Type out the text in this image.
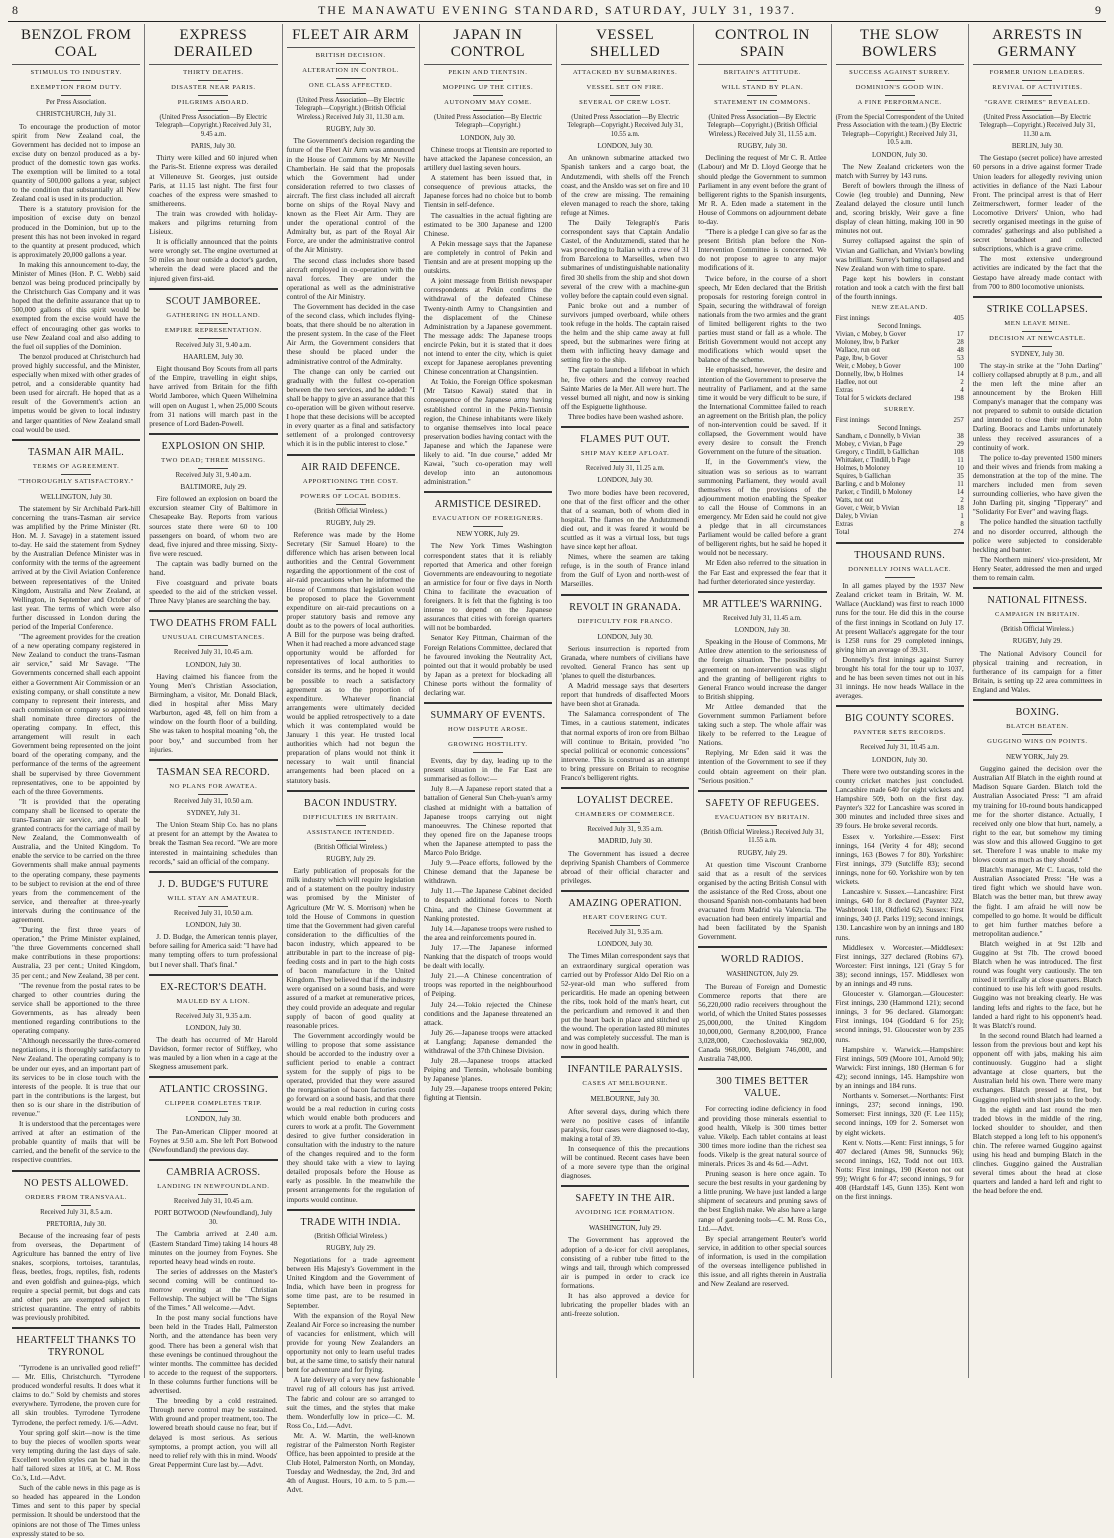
8	THE MANAWATU EVENING STANDARD, SATURDAY, JULY 31, 1937.	9
BENZOL FROM COAL
STIMULUS TO INDUSTRY.
EXEMPTION FROM DUTY.
Per Press Association.
CHRISTCHURCH, July 31.

To encourage the production of motor spirit from New Zealand coal, the Government has decided not to impose an excise duty on benzol produced as a by-product of the domestic town gas works. The exemption will be limited to a total quantity of 500,000 gallons a year, subject to the condition that substantially all New Zealand coal is used in its production.

There is a statutory provision for the imposition of excise duty on benzol produced in the Dominion, but up to the present this has not been invoked in regard to the quantity at present produced, which is approximately 20,000 gallons a year.

In making this announcement to-day, the Minister of Mines (Hon. P. C. Webb) said benzol was being produced principally by the Christchurch Gas Company and it was hoped that the definite assurance that up to 500,000 gallons of this spirit would be exempted from the excise would have the effect of encouraging other gas works to use New Zealand coal and also adding to the fuel oil supplies of the Dominion.

The benzol produced at Christchurch had proved highly successful, and the Minister, especially when mixed with other grades of petrol, and a considerable quantity had been used for aircraft. He hoped that as a result of the Government's action an impetus would be given to local industry and larger quantities of New Zealand small coal would be used.

TASMAN AIR MAIL.
TERMS OF AGREEMENT.
"THOROUGHLY SATISFACTORY."
WELLINGTON, July 30.

The statement by Sir Archibald Park-hill concerning the trans-Tasman air service was amplified by the Prime Minister (Rt. Hon. M. J. Savage) in a statement issued to-day. He said the statement from Sydney by the Australian Defence Minister was in conformity with the terms of the agreement arrived at by the Civil Aviation Conference between representatives of the United Kingdom, Australia and New Zealand, at Wellington, in September and October of last year. The terms of which were also further discussed in London during the period of the Imperial Conference.

"The agreement provides for the creation of a new operating company registered in New Zealand to conduct the trans-Tasman air service," said Mr Savage. "The Governments concerned shall each appoint either a Government Air Commission or an existing company, or shall constitute a new company to represent their interests, and each commission or company so appointed shall nominate three directors of the operating company. In effect, this arrangement will result in each Government being represented on the joint board of the operating company, and the performance of the terms of the agreement shall be supervised by three Government representatives, one to be appointed by each of the three Governments.

"It is provided that the operating company shall be licensed to operate the trans-Tasman air service, and shall be granted contracts for the carriage of mail by New Zealand, the Commonwealth of Australia, and the United Kingdom. To enable the service to be carried on the three Governments shall make annual payments to the operating company, these payments to be subject to revision at the end of three years from the commencement of the service, and thereafter at three-yearly intervals during the continuance of the agreement.

"During the first three years of operation," the Prime Minister explained, "the three Governments concerned shall make contributions in these proportions: Australia, 23 per cent.; United Kingdom, 35 per cent.; and New Zealand, 38 per cent.

"The revenue from the postal rates to be charged to other countries during the service shall be apportioned to the three Governments, as has already been mentioned regarding contributions to the operating company.

"Although necessarily the three-cornered negotiations, it is thoroughly satisfactory to New Zealand. The operating company is to be under our eyes, and an important part of its services to be in close touch with the interests of the people. It is true that our part in the contributions is the largest, but then so is our share in the distribution of revenue."

It is understood that the percentages were arrived at after an estimation of the probable quantity of mails that will be carried, and the benefit of the service to the respective countries.

NO PESTS ALLOWED.
ORDERS FROM TRANSVAAL.
Received July 31, 8.5 a.m.
PRETORIA, July 30.

Because of the increasing fear of pests from overseas, the Department of Agriculture has banned the entry of live snakes, scorpions, tortoises, tarantulas, fleas, beetles, frogs, reptiles, fish, rodents and even goldfish and guinea-pigs, which require a special permit, but dogs and cats and other pets are exempted subject to strictest quarantine. The entry of rabbits was previously prohibited.

HEARTFELT THANKS TO TRYRONOL

"Tyrrodene is an unrivalled good relief!" — Mr. Ellis, Christchurch. "Tyrrodene produced wonderful results. It does what it claims to do." Sold by chemists and stores everywhere. Tyrrodene, the proven cure for all skin troubles. Tyrrodene Tyrrodene Tyrrodene, the perfect remedy. 1/6.—Advt.

Your spring golf skirt—now is the time to buy the pieces of woollen sports wear very tempting during the last days of sale. Excellent woollen styles can be had in the half tailored sizes at 10/6, at C. M. Ross Co.'s, Ltd.—Advt.

Such of the cable news in this page as is so headed has appeared in the London Times and sent to this paper by special permission. It should be understood that the opinions are not those of The Times unless expressly stated to be so.

EXPRESS DERAILED
THIRTY DEATHS.
DISASTER NEAR PARIS.
PILGRIMS ABOARD.
(United Press Association—By Electric Telegraph—Copyright.) Received July 31, 9.45 a.m.
PARIS, July 30.

Thirty were killed and 60 injured when the Paris-St. Etienne express was derailed at Villeneuve St. Georges, just outside Paris, at 11.15 last night. The first four coaches of the express were smashed to smithereens.

The train was crowded with holiday-makers and pilgrims returning from Lisieux.

It is officially announced that the points were wrongly set. The engine overturned at 50 miles an hour outside a doctor's garden, wherein the dead were placed and the injured given first-aid.

SCOUT JAMBOREE.
GATHERING IN HOLLAND.
EMPIRE REPRESENTATION.
Received July 31, 9.40 a.m.
HAARLEM, July 30.

Eight thousand Boy Scouts from all parts of the Empire, travelling in eight ships, have arrived from Britain for the fifth World Jamboree, which Queen Wilhelmina will open on August 1, when 25,000 Scouts from 31 nations will march past in the presence of Lord Baden-Powell.

EXPLOSION ON SHIP.
TWO DEAD; THREE MISSING.
Received July 31, 9.40 a.m.
BALTIMORE, July 29.

Fire followed an explosion on board the excursion steamer City of Baltimore in Chesapeake Bay. Reports from various sources state there were 60 to 100 passengers on board, of whom two are dead, five injured and three missing. Sixty-five were rescued.

The captain was badly burned on the hand.

Five coastguard and private boats speeded to the aid of the stricken vessel. Three Navy 'planes are searching the bay.

TWO DEATHS FROM FALL
UNUSUAL CIRCUMSTANCES.
Received July 31, 10.45 a.m.
LONDON, July 30.

Having claimed his fiancee from the Young Men's Christian Association, Birmingham, a visitor, Mr. Donald Black, died in hospital after Miss Mary Warburton, aged 48, fell on him from a window on the fourth floor of a building. She was taken to hospital moaning "oh, the poor boy," and succumbed from her injuries.

TASMAN SEA RECORD.
NO PLANS FOR AWATEA.
Received July 31, 10.50 a.m.
SYDNEY, July 31.

The Union Steam Ship Co. has no plans at present for an attempt by the Awatea to break the Tasman Sea record. "We are more interested in maintaining schedules than records," said an official of the company.

J. D. BUDGE'S FUTURE
WILL STAY AN AMATEUR.
Received July 31, 10.50 a.m.
LONDON, July 30.

J. D. Budge, the American tennis player, before sailing for America said: "I have had many tempting offers to turn professional but I never shall. That's final."

EX-RECTOR'S DEATH.
MAULED BY A LION.
Received July 31, 9.35 a.m.
LONDON, July 30.

The death has occurred of Mr Harold Davidson, former rector of Stiffkey, who was mauled by a lion when in a cage at the Skegness amusement park.

ATLANTIC CROSSING.
CLIPPER COMPLETES TRIP.
LONDON, July 30.

The Pan-American Clipper moored at Foynes at 9.50 a.m. She left Port Botwood (Newfoundland) the previous day.

CAMBRIA ACROSS.
LANDING IN NEWFOUNDLAND.
Received July 31, 10.45 a.m.
PORT BOTWOOD (Newfoundland), July 30.

The Cambria arrived at 2.40 a.m. (Eastern Standard Time) taking 14 hours 48 minutes on the journey from Foynes. She reported heavy head winds en route.

The series of addresses on the Master's second coming will be continued to-morrow evening at the Christian Fellowship. The subject will be "The Signs of the Times." All welcome.—Advt.

In the post many social functions have been held in the Trades Hall, Palmerston North, and the attendance has been very good. There has been a general wish that these evenings be continued throughout the winter months. The committee has decided to accede to the request of the supporters. In these columns further functions will be advertised.

The breeding by a cold restrained. Through nerve control may be sustained. With ground and proper treatment, too. The lowered breath should cause no fear, but if delayed is most serious. As serious symptoms, a prompt action, you will all need to relief rely with this in mind. Woods' Great Peppermint Cure last by.—Advt.

FLEET AIR ARM
BRITISH DECISION.
ALTERATION IN CONTROL.
ONE CLASS AFFECTED.
(United Press Association—By Electric Telegraph—Copyright.) (British Official Wireless.) Received July 31, 11.30 a.m.
RUGBY, July 30.

The Government's decision regarding the future of the Fleet Air Arm was announced in the House of Commons by Mr Neville Chamberlain. He said that the proposals which the Government had under consideration referred to two classes of aircraft. The first class included all aircraft borne on ships of the Royal Navy and known as the Fleet Air Arm. They are under the operational control of the Admiralty but, as part of the Royal Air Force, are under the administrative control of the Air Ministry.

The second class includes shore based aircraft employed in co-operation with the naval forces. They are under the operational as well as the administrative control of the Air Ministry.

The Government has decided in the case of the second class, which includes flying-boats, that there should be no alteration in the present system. In the case of the Fleet Air Arm, the Government considers that these should be placed under the administrative control of the Admiralty.

The change can only be carried out gradually with the fullest co-operation between the two services, and he added: "I shall be happy to give an assurance that this co-operation will be given without reserve. I hope that these decisions will be accepted in every quarter as a final and satisfactory settlement of a prolonged controversy which it is in the public interest to close."

AIR RAID DEFENCE.
APPORTIONING THE COST.
POWERS OF LOCAL BODIES.
(British Official Wireless.)
RUGBY, July 29.

Reference was made by the Home Secretary (Sir Samuel Hoare) to the difference which has arisen between local authorities and the Central Government regarding the apportionment of the cost of air-raid precautions when he informed the House of Commons that legislation would be proposed to place the Government expenditure on air-raid precautions on a proper statutory basis and remove any doubt as to the powers of local authorities. A Bill for the purpose was being drafted. When it had reached a more advanced stage opportunity would be afforded for representatives of local authorities to consider its terms, and he hoped it would be possible to reach a satisfactory agreement as to the proportion of expenditure. Whatever financial arrangements were ultimately decided would be applied retrospectively to a date which it was contemplated would be January 1 this year. He trusted local authorities which had not begun the preparation of plans would not think it necessary to wait until financial arrangements had been placed on a statutory basis.

BACON INDUSTRY.
DIFFICULTIES IN BRITAIN.
ASSISTANCE INTENDED.
(British Official Wireless.)
RUGBY, July 29.

Early publication of proposals for the milk industry which will require legislation and of a statement on the poultry industry was promised by the Minister of Agriculture (Mr W. S. Morrison) when he told the House of Commons in question time that the Government had given careful consideration to the difficulties of the bacon industry, which appeared to be attributable in part to the increase of pig-feeding costs and in part to the high costs of bacon manufacture in the United Kingdom. They believed that if the industry were organised on a sound basis, and were assured of a market at remunerative prices, they could provide an adequate and regular supply of bacon of good quality at reasonable prices.

The Government accordingly would be willing to propose that some assistance should be accorded to the industry over a sufficient period to enable a contract system for the supply of pigs to be operated, provided that they were assured the reorganisation of bacon factories could go forward on a sound basis, and that there would be a real reduction in curing costs which would enable both producers and curers to work at a profit. The Government desired to give further consideration in consultation with the industry to the nature of the changes required and to the form they should take with a view to laying detailed proposals before the House as early as possible. In the meanwhile the present arrangements for the regulation of imports would continue.

TRADE WITH INDIA.
(British Official Wireless.)
RUGBY, July 29.

Negotiations for a trade agreement between His Majesty's Government in the United Kingdom and the Government of India, which have been in progress for some time past, are to be resumed in September.

With the expansion of the Royal New Zealand Air Force so increasing the number of vacancies for enlistment, which will provide for young New Zealanders an opportunity not only to learn useful trades but, at the same time, to satisfy their natural bent for adventure and for flying.

A late delivery of a very new fashionable travel rug of all colours has just arrived. The fabric and colour are so arranged to suit the times, and the styles that make them. Wonderfully low in price—C. M. Ross Co., Ltd.—Advt.

Mr. A. W. Martin, the well-known registrar of the Palmerston North Register Office, has been appointed to preside at the Club Hotel, Palmerston North, on Monday, Tuesday and Wednesday, the 2nd, 3rd and 4th of August. Hours, 10 a.m. to 5 p.m.—Advt.

JAPAN IN CONTROL
PEKIN AND TIENTSIN.
MOPPING UP THE CITIES.
AUTONOMY MAY COME.
(United Press Association—By Electric Telegraph—Copyright.)
LONDON, July 30.

Chinese troops at Tientsin are reported to have attacked the Japanese concession, an artillery duel lasting seven hours.

A statement has been issued that, in consequence of previous attacks, the Japanese forces had no choice but to bomb Tientsin in self-defence.

The casualties in the actual fighting are estimated to be 300 Japanese and 1200 Chinese.

A Pekin message says that the Japanese are completely in control of Pekin and Tientsin and are at present mopping up the outskirts.

A joint message from British newspaper correspondents at Pekin confirms the withdrawal of the defeated Chinese Twenty-ninth Army to Changsintien and the displacement of the Chinese Administration by a Japanese government. The message adds: The Japanese troops encircle Pekin, but it is stated that it does not intend to enter the city, which is quiet except for Japanese aeroplanes preventing Chinese concentration at Changsintien.

At Tokio, the Foreign Office spokesman (Mr Tatsuo Kawai) stated that in consequence of the Japanese army having established control in the Pekin-Tientsin region, the Chinese inhabitants were likely to organise themselves into local peace preservation bodies having contact with the Japanese and which the Japanese were likely to aid. "In due course," added Mr Kawai, "such co-operation may well develop into an autonomous administration."

ARMISTICE DESIRED.
EVACUATION OF FOREIGNERS.
NEW YORK, July 29.

The New York Times Washington correspondent states that it is reliably reported that America and other foreign Governments are endeavouring to negotiate an armistice for four or five days in North China to facilitate the evacuation of foreigners. It is felt that the fighting is too intense to depend on the Japanese assurances that cities with foreign quarters will not be bombarded.

Senator Key Pittman, Chairman of the Foreign Relations Committee, declared that he favoured invoking the Neutrality Act, pointed out that it would probably be used by Japan as a pretext for blockading all Chinese ports without the formality of declaring war.

SUMMARY OF EVENTS.
HOW DISPUTE AROSE.
GROWING HOSTILITY.

Events, day by day, leading up to the present situation in the Far East are summarised as follow:—

July 8.—A Japanese report stated that a battalion of General Sun Cheh-yuan's army clashed at midnight with a battalion of Japanese troops carrying out night manoeuvres. The Chinese reported that they opened fire on the Japanese troops when the Japanese attempted to pass the Marco Polo Bridge.

July 9.—Peace efforts, followed by the Chinese demand that the Japanese be withdrawn.

July 11.—The Japanese Cabinet decided to despatch additional forces to North China, and the Chinese Government at Nanking protested.

July 14.—Japanese troops were rushed to the area and reinforcements poured in.

July 17.—The Japanese informed Nanking that the dispatch of troops would be dealt with locally.

July 21.—A Chinese concentration of troops was reported in the neighbourhood of Peiping.

July 24.—Tokio rejected the Chinese conditions and the Japanese threatened an attack.

July 26.—Japanese troops were attacked at Langfang; Japanese demanded the withdrawal of the 37th Chinese Division.

July 28.—Japanese troops attacked Peiping and Tientsin, wholesale bombing by Japanese 'planes.

July 29.—Japanese troops entered Pekin; fighting at Tientsin.

VESSEL SHELLED
ATTACKED BY SUBMARINES.
VESSEL SET ON FIRE.
SEVERAL OF CREW LOST.
(United Press Association—By Electric Telegraph—Copyright.) Received July 31, 10.55 a.m.
LONDON, July 30.

An unknown submarine attacked two Spanish tankers and a cargo boat, the Andutzmendi, with shells off the French coast, and the Ansldo was set on fire and 10 of the crew are missing. The remaining eleven managed to reach the shore, taking refuge at Nimes.

The Daily Telegraph's Paris correspondent says that Captain Andalio Castel, of the Andutzmendi, stated that he was proceeding to Italian with a crew of 31 from Barcelona to Marseilles, when two submarines of undistinguishable nationality fired 30 shells from the ship and shot down several of the crew with a machine-gun volley before the captain could even signal.

Panic broke out and a number of survivors jumped overboard, while others took refuge in the holds. The captain raised the helm and the ship came away at full speed, but the submarines were firing at them with inflicting heavy damage and setting fire to the ship.

The captain launched a lifeboat in which he, five others and the convoy reached Sainte Maries de la Mer. All were hurt. The vessel burned all night, and now is sinking off the Espiguette lighthouse.

Three bodies have been washed ashore.

FLAMES PUT OUT.
SHIP MAY KEEP AFLOAT.
Received July 31, 11.25 a.m.
LONDON, July 30.

Two more bodies have been recovered, one that of the first officer and the other that of a seaman, both of whom died in hospital. The flames on the Andutzmendi died out, and it was feared it would be scuttled as it was a virtual loss, but tugs have since kept her afloat.

Nimes, where the seamen are taking refuge, is in the south of France inland from the Gulf of Lyon and north-west of Marseilles.

REVOLT IN GRANADA.
DIFFICULTY FOR FRANCO.
LONDON, July 30.

Serious insurrection is reported from Granada, where numbers of civilians have revolted. General Franco has sent up 'planes to quell the disturbances.

A Madrid message says that deserters report that hundreds of disaffected Moors have been shot at Granada.

The Salamanca correspondent of The Times, in a cautious statement, indicates that normal exports of iron ore from Bilbao will continue to Britain, provided "no special political or economic concessions" intervene. This is construed as an attempt to bring pressure on Britain to recognise Franco's belligerent rights.

LOYALIST DECREE.
CHAMBERS OF COMMERCE.
Received July 31, 9.35 a.m.
MADRID, July 30.

The Government has issued a decree depriving Spanish Chambers of Commerce abroad of their official character and privileges.

AMAZING OPERATION.
HEART COVERING CUT.
Received July 31, 9.35 a.m.
LONDON, July 30.

The Times Milan correspondent says that an extraordinary surgical operation was carried out by Professor Aldo Del Rio on a 52-year-old man who suffered from pericarditis. He made an opening between the ribs, took hold of the man's heart, cut the pericardium and removed it and then put the heart back in place and stitched up the wound. The operation lasted 80 minutes and was completely successful. The man is now in good health.

INFANTILE PARALYSIS.
CASES AT MELBOURNE.
MELBOURNE, July 30.

After several days, during which there were no positive cases of infantile paralysis, four cases were diagnosed to-day, making a total of 39.

In consequence of this the precautions will be continued. Recent cases have been of a more severe type than the original diagnoses.

SAFETY IN THE AIR.
AVOIDING ICE FORMATION.
WASHINGTON, July 29.

The Government has approved the adoption of a de-icer for civil aeroplanes, consisting of a rubber tube fitted to the wings and tail, through which compressed air is pumped in order to crack ice formations.

It has also approved a device for lubricating the propeller blades with an anti-freeze solution.

CONTROL IN SPAIN
BRITAIN'S ATTITUDE.
WILL STAND BY PLAN.
STATEMENT IN COMMONS.
(United Press Association—By Electric Telegraph—Copyright.) (British Official Wireless.) Received July 31, 11.55 a.m.
RUGBY, July 30.

Declining the request of Mr C. R. Attlee (Labour) and Mr D. Lloyd George that he should pledge the Government to summon Parliament in any event before the grant of belligerent rights to the Spanish insurgents, Mr R. A. Eden made a statement in the House of Commons on adjournment debate to-day.

"There is a pledge I can give so far as the present British plan before the Non-Intervention Committee is concerned. We do not propose to agree to any major modifications of it.

Twice before, in the course of a short speech, Mr Eden declared that the British proposals for restoring foreign control in Spain, securing the withdrawal of foreign nationals from the two armies and the grant of limited belligerent rights to the two parties must stand or fall as a whole. The British Government would not accept any modifications which would upset the balance of the scheme.

He emphasised, however, the desire and intention of the Government to preserve the neutrality of Parliament, and at the same time it would be very difficult to be sure, if the International Committee failed to reach an agreement on the British plan, the policy of non-intervention could be saved. If it collapsed, the Government would have every desire to consult the French Government on the future of the situation.

If, in the Government's view, the situation was so serious as to warrant summoning Parliament, they would avail themselves of the provisions of the adjournment motion enabling the Speaker to call the House of Commons in an emergency. Mr Eden said he could not give a pledge that in all circumstances Parliament would be called before a grant of belligerent rights, but he said he hoped it would not be necessary.

Mr Eden also referred to the situation in the Far East and expressed the fear that it had further deteriorated since yesterday.

MR ATTLEE'S WARNING.
Received July 31, 11.45 a.m.
LONDON, July 30.

Speaking in the House of Commons, Mr Attlee drew attention to the seriousness of the foreign situation. The possibility of agreement on non-intervention was slight and the granting of belligerent rights to General Franco would increase the danger to British shipping.

Mr Attlee demanded that the Government summon Parliament before taking such a step. The whole affair was likely to be referred to the League of Nations.

Replying, Mr Eden said it was the intention of the Government to see if they could obtain agreement on their plan. "Serious position."

SAFETY OF REFUGEES.
EVACUATION BY BRITAIN.
(British Official Wireless.) Received July 31, 11.55 a.m.
RUGBY, July 29.

At question time Viscount Cranborne said that as a result of the services organised by the acting British Consul with the assistance of the Red Cross, about one thousand Spanish non-combatants had been evacuated from Madrid via Valencia. The evacuation had been entirely impartial and had been facilitated by the Spanish Government.

WORLD RADIOS.
WASHINGTON, July 29.

The Bureau of Foreign and Domestic Commerce reports that there are 56,220,000 radio receivers throughout the world, of which the United States possesses 25,000,000, the United Kingdom 10,000,000, Germany 8,200,000, France 3,028,000, Czechoslovakia 982,000, Canada 968,000, Belgium 746,000, and Australia 748,000.

300 TIMES BETTER VALUE.

For correcting iodine deficiency in food and providing those minerals essential to good health, Vikelp is 300 times better value. Vikelp. Each tablet contains at least 300 times more iodine than the richest sea foods. Vikelp is the great natural source of minerals. Prices 3s and 4s 6d.—Advt.

Pruning season is here once again. To secure the best results in your gardening by a little pruning. We have just landed a large shipment of secateurs and pruning saws of the best English make. We also have a large range of gardening tools—C. M. Ross Co., Ltd.—Advt.

By special arrangement Reuter's world service, in addition to other special sources of information, is used in the compilation of the overseas intelligence published in this issue, and all rights therein in Australia and New Zealand are reserved.

THE SLOW BOWLERS
SUCCESS AGAINST SURREY.
DOMINION'S GOOD WIN.
A FINE PERFORMANCE.
(From the Special Correspondent of the United Press Association with the team.) (By Electric Telegraph—Copyright.) Received July 31, 10.5 a.m.
LONDON, July 30.

The New Zealand cricketers won the match with Surrey by 143 runs.

Bereft of bowlers through the illness of Cowie (leg trouble) and Dunning, New Zealand delayed the closure until lunch and, scoring briskly, Weir gave a fine display of clean hitting, making 100 in 90 minutes not out.

Surrey collapsed against the spin of Vivian and Gallichan, and Vivian's bowling was brilliant. Surrey's batting collapsed and New Zealand won with time to spare.

Page kept his bowlers in constant rotation and took a catch with the first ball of the fourth innings.

NEW ZEALAND.
First innings	405
Second Innings.	
Vivian, c Mobey, b Gover	17
Moloney, lbw, b Parker	28
Wallace, run out	48
Page, lbw, b Gover	53
Weir, c Mobey, b Gover	100
Donnelly, lbw, b Holmes	14
Hadlee, not out	2
Extras	4
Total for 5 wickets declared	198
SURREY.
First innings	257
Second Innings.	
Sandham, c Donnelly, b Vivian	38
Mobey, c Vivian, b Page	29
Gregory, c Tindill, b Gallichan	108
Whittaker, c Tindill, b Page	11
Holmes, b Moloney	10
Squires, b Gallichan	35
Barling, c and b Moloney	11
Parker, c Tindill, b Moloney	14
Watts, not out	2
Gover, c Weir, b Vivian	18
Daley, b Vivian	1
Extras	8
Total	274
THOUSAND RUNS.
DONNELLY JOINS WALLACE.

In all games played by the 1937 New Zealand cricket team in Britain, W. M. Wallace (Auckland) was first to reach 1000 runs for the tour. He did this in the course of the first innings in Scotland on July 17. At present Wallace's aggregate for the tour is 1258 runs for 29 completed innings, giving him an average of 39.31.

Donnelly's first innings against Surrey brought his total for the tour up to 1037, and he has been seven times not out in his 31 innings. He now heads Wallace in the averages.

BIG COUNTY SCORES.
PAYNTER SETS RECORDS.
Received July 31, 10.45 a.m.
LONDON, July 30.

There were two outstanding scores in the county cricket matches just concluded. Lancashire made 640 for eight wickets and Hampshire 509, both on the first day. Paynter's 322 for Lancashire was scored in 300 minutes and included three sixes and 39 fours. He broke several records.

Essex v. Yorkshire.—Essex: First innings, 164 (Verity 4 for 48); second innings, 163 (Bowes 7 for 80). Yorkshire: First innings, 379 (Sutcliffe 83); second innings, none for 60. Yorkshire won by ten wickets.

Lancashire v. Sussex.—Lancashire: First innings, 640 for 8 declared (Paynter 322, Washbrook 118, Oldfield 62). Sussex: First innings, 340 (J. Parks 119); second innings, 130. Lancashire won by an innings and 180 runs.

Middlesex v. Worcester.—Middlesex: First innings, 327 declared (Robins 67). Worcester: First innings, 121 (Gray 5 for 38); second innings, 157. Middlesex won by an innings and 49 runs.

Gloucester v. Glamorgan.—Gloucester: First innings, 230 (Hammond 121); second innings, 3 for 96 declared. Glamorgan: First innings, 104 (Goddard 6 for 25); second innings, 91. Gloucester won by 235 runs.

Hampshire v. Warwick.—Hampshire: First innings, 509 (Moore 101, Arnold 90); Warwick: First innings, 180 (Herman 6 for 42); second innings, 145. Hampshire won by an innings and 184 runs.

Northants v. Somerset.—Northants: First innings, 237; second innings, 190. Somerset: First innings, 320 (F. Lee 115); second innings, 109 for 2. Somerset won by eight wickets.

Kent v. Notts.—Kent: First innings, 5 for 407 declared (Ames 98, Sunnucks 96); second innings, 162, Todd not out 103. Notts: First innings, 190 (Keeton not out 99); Wright 6 for 47; second innings, 9 for 408 (Hardstaff 145, Gunn 135). Kent won on the first innings.

ARRESTS IN GERMANY
FORMER UNION LEADERS.
REVIVAL OF ACTIVITIES.
"GRAVE CRIMES" REVEALED.
(United Press Association—By Electric Telegraph—Copyright.) Received July 31, 11.30 a.m.
BERLIN, July 30.

The Gestapo (secret police) have arrested 60 persons in a drive against former Trade Union leaders for allegedly reviving union activities in defiance of the Nazi Labour Front. The principal arrest is that of Herr Zeitmerschwert, former leader of the Locomotive Drivers' Union, who had secretly organised meetings in the guise of comrades' gatherings and also published a secret broadsheet and collected subscriptions, which is a grave crime.

The most extensive underground activities are indicated by the fact that the Gestapo have already made contact with from 700 to 800 locomotive unionists.

STRIKE COLLAPSES.
MEN LEAVE MINE.
DECISION AT NEWCASTLE.
SYDNEY, July 30.

The stay-in strike at the "John Darling" colliery collapsed abruptly at 8 p.m., and all the men left the mine after an announcement by the Broken Hill Company's manager that the company was not prepared to submit to outside dictation and intended to close their mine at John Darling. Booracs and Lambs unfortunately unless they received assurances of a continuity of work.

The police to-day prevented 1500 miners and their wives and friends from making a demonstration at the top of the mine. The marchers included men from seven surrounding collieries, who have given the John Darling pit, singing "Tipperary" and "Solidarity For Ever" and waving flags.

The police handled the situation tactfully and no disorder occurred, although the police were subjected to considerable heckling and banter.

The Northern miners' vice-president, Mr Henry Seater, addressed the men and urged them to remain calm.

NATIONAL FITNESS.
CAMPAIGN IN BRITAIN.
(British Official Wireless.)
RUGBY, July 29.

The National Advisory Council for physical training and recreation, in furtherance of its campaign for a fitter Britain, is setting up 22 area committees in England and Wales.

BOXING.
BLATCH BEATEN.
GUGGINO WINS ON POINTS.
NEW YORK, July 29.

Guggino gained the decision over the Australian Alf Blatch in the eighth round at Madison Square Garden. Blatch told the Australian Associated Press: "I am afraid my training for 10-round bouts handicapped me for the shorter distance. Actually, I received only one blow that hurt, namely, a right to the ear, but somehow my timing was slow and this allowed Guggino to get set. Therefore I was unable to make my blows count as much as they should."

Blatch's manager, Mr C. Lucas, told the Australian Associated Press: "He was a tired fight which we should have won. Blatch was the better man, but threw away the fight. I am afraid he will now be compelled to go home. It would be difficult to get him further matches before a metropolitan audience."

Blatch weighed in at 9st 12lb and Guggino at 9st 7lb. The crowd booed Blatch when he was introduced. The first round was fought very cautiously. The ten mixed it terrifically at close quarters. Blatch continued to use his left with good results. Guggino was not breaking clearly. He was landing lefts and rights to the face, but he landed a hard right to his opponent's head. It was Blatch's round.

In the second round Blatch had learned a lesson from the previous bout and kept his opponent off with jabs, making his aim continuously. Guggino had a slight advantage at close quarters, but the Australian held his own. There were many exchanges. Blatch pressed at first, but Guggino replied with short jabs to the body.

In the eighth and last round the men traded blows in the middle of the ring, locked shoulder to shoulder, and then Blatch stepped a long left to his opponent's chin. The referee warned Guggino against using his head and bumping Blatch in the clinches. Guggino gained the Australian several times about the head at close quarters and landed a hard left and right to the head before the end.
